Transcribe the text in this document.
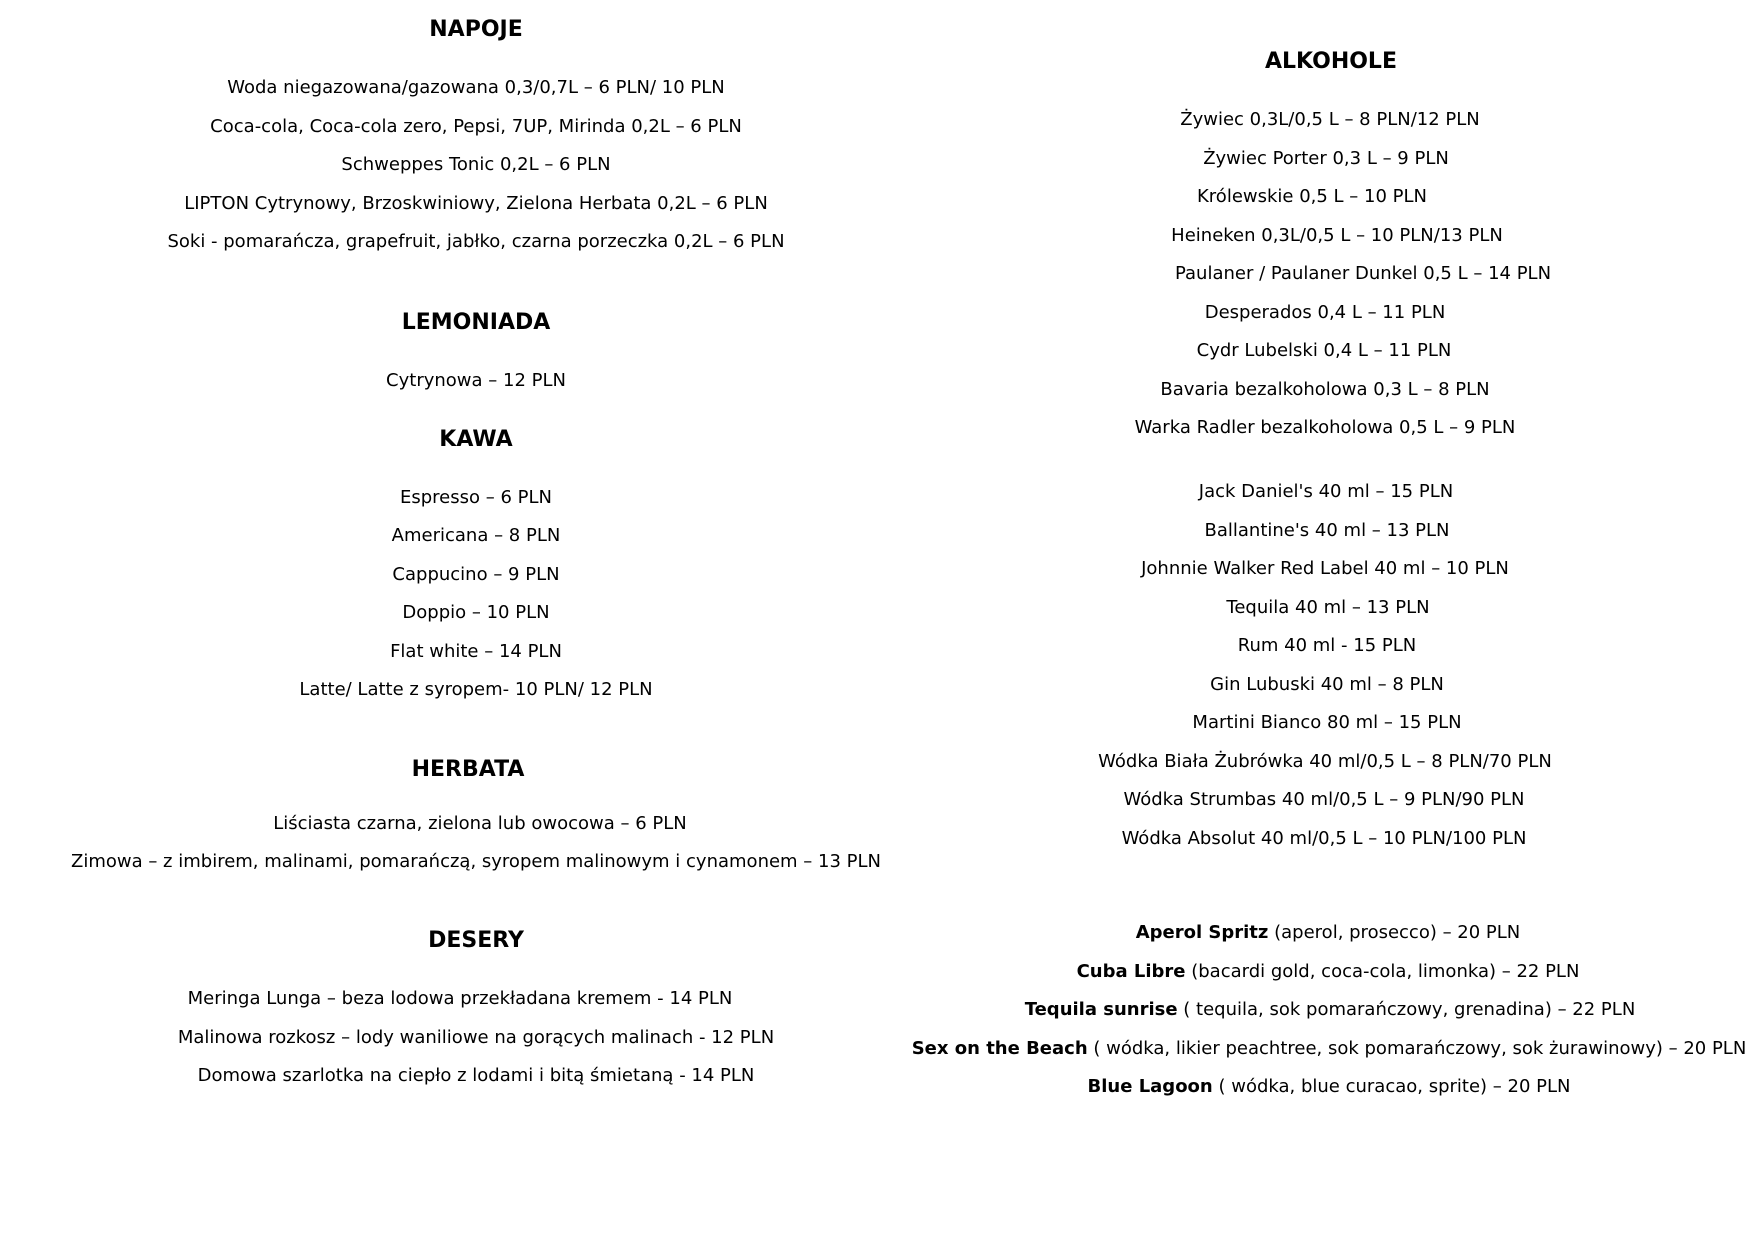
NAPOJE
Woda niegazowana/gazowana 0,3/0,7L – 6 PLN/ 10 PLN
Coca-cola, Coca-cola zero, Pepsi, 7UP, Mirinda 0,2L – 6 PLN
Schweppes Tonic 0,2L – 6 PLN
LIPTON Cytrynowy, Brzoskwiniowy, Zielona Herbata 0,2L – 6 PLN
Soki - pomarańcza, grapefruit, jabłko, czarna porzeczka 0,2L – 6 PLN
LEMONIADA
Cytrynowa – 12 PLN
KAWA
Espresso – 6 PLN
Americana – 8 PLN
Cappucino – 9 PLN
Doppio – 10 PLN
Flat white – 14 PLN
Latte/ Latte z syropem- 10 PLN/ 12 PLN
HERBATA
Liściasta czarna, zielona lub owocowa – 6 PLN
Zimowa – z imbirem, malinami, pomarańczą, syropem malinowym i cynamonem – 13 PLN
DESERY
Meringa Lunga – beza lodowa przekładana kremem - 14 PLN
Malinowa rozkosz – lody waniliowe na gorących malinach - 12 PLN
Domowa szarlotka na ciepło z lodami i bitą śmietaną - 14 PLN
ALKOHOLE
Żywiec 0,3L/0,5 L – 8 PLN/12 PLN
Żywiec Porter 0,3 L – 9 PLN
Królewskie 0,5 L – 10 PLN
Heineken 0,3L/0,5 L – 10 PLN/13 PLN
Paulaner / Paulaner Dunkel 0,5 L – 14 PLN
Desperados 0,4 L – 11 PLN
Cydr Lubelski 0,4 L – 11 PLN
Bavaria bezalkoholowa 0,3 L – 8 PLN
Warka Radler bezalkoholowa 0,5 L – 9 PLN
Jack Daniel's 40 ml – 15 PLN
Ballantine's 40 ml – 13 PLN
Johnnie Walker Red Label 40 ml – 10 PLN
Tequila 40 ml – 13 PLN
Rum 40 ml - 15 PLN
Gin Lubuski 40 ml – 8 PLN
Martini Bianco 80 ml – 15 PLN
Wódka Biała Żubrówka 40 ml/0,5 L – 8 PLN/70 PLN
Wódka Strumbas 40 ml/0,5 L – 9 PLN/90 PLN
Wódka Absolut 40 ml/0,5 L – 10 PLN/100 PLN
Aperol Spritz (aperol, prosecco) – 20 PLN
Cuba Libre (bacardi gold, coca-cola, limonka) – 22 PLN
Tequila sunrise ( tequila, sok pomarańczowy, grenadina) – 22 PLN
Sex on the Beach ( wódka, likier peachtree, sok pomarańczowy, sok żurawinowy) – 20 PLN
Blue Lagoon ( wódka, blue curacao, sprite) – 20 PLN
